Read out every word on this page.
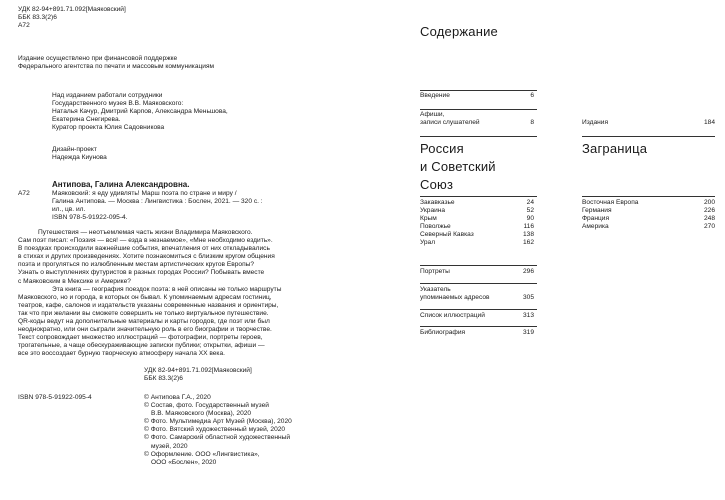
УДК 82-94+891.71.092[Маяковский]
ББК 83.3(2)6
А72
Издание осуществлено при финансовой поддержке
Федерального агентства по печати и массовым коммуникациям
Над изданием работали сотрудники
Государственного музея В.В. Маяковского:
Наталья Качур, Дмитрий Карпов, Александра Меньшова,
Екатерина Снегирева.
Куратор проекта Юлия Садовникова
Дизайн-проект
Надежда Киунова
А72
Антипова, Галина Александровна.
Маяковский: я еду удивлять! Марш поэта по стране и миру /
Галина Антипова. — Москва : Лингвистика : Бослен, 2021. — 320 с. :
ил., цв. ил.
ISBN 978-5-91922-095-4.
Путешествия — неотъемлемая часть жизни Владимира Маяковского.
Сам поэт писал: «Поэзия — вся! — езда в незнаемое», «Мне необходимо ездить».
В поездках происходили важнейшие события, впечатления от них откладывались
в стихах и других произведениях. Хотите познакомиться с близким кругом общения
поэта и прогуляться по излюбленным местам артистических кругов Европы?
Узнать о выступлениях футуристов в разных городах России? Побывать вместе
с Маяковским в Мексике и Америке?
Эта книга — география поездок поэта: в ней описаны не только маршруты
Маяковского, но и города, в которых он бывал. К упоминаемым адресам гостиниц,
театров, кафе, салонов и издательств указаны современные названия и ориентиры,
так что при желании вы сможете совершить не только виртуальное путешествие.
QR-коды ведут на дополнительные материалы и карты городов, где поэт или был
неоднократно, или они сыграли значительную роль в его биографии и творчестве.
Текст сопровождает множество иллюстраций — фотографии, портреты героев,
трогательные, а чаще обескураживающие записки публики; открытки, афиши —
все это воссоздает бурную творческую атмосферу начала XX века.
УДК 82-94+891.71.092[Маяковский]
ББК 83.3(2)6
ISBN 978-5-91922-095-4	© Антипова Г.А., 2020
© Состав, фото. Государственный музей
В.В. Маяковского (Москва), 2020
© Фото. Мультимедиа Арт Музей (Москва), 2020
© Фото. Вятский художественный музей, 2020
© Фото. Самарский областной художественный
музей, 2020
© Оформление. ООО «Лингвистика»,
ООО «Бослен», 2020
Содержание
Введение	6
Афиши,
записи слушателей	8	Издания	184
Россия
и Советский
Союз
Заграница
Закавказье	24
Украина	52
Крым	90
Поволжье	116
Северный Кавказ	138
Урал	162
Восточная Европа	200
Германия	226
Франция	248
Америка	270
Портреты	296
Указатель
упоминаемых адресов	305
Список иллюстраций	313
Библиография	319
